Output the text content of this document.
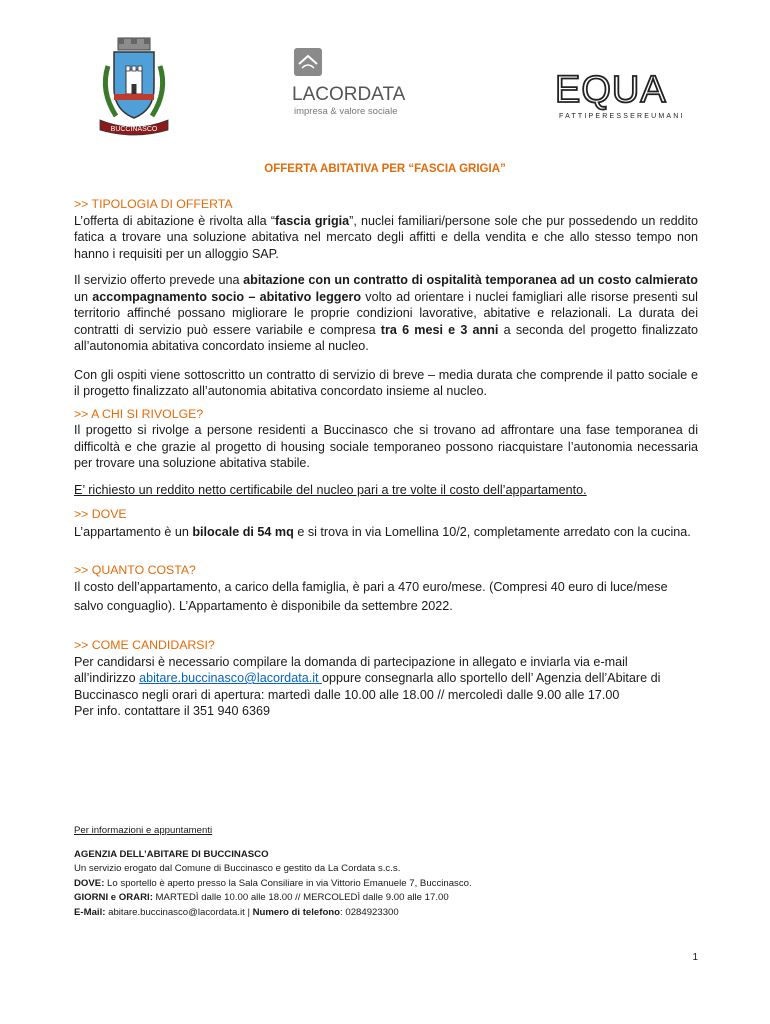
BUCCINASCO
LACORDATA
impresa & valore sociale
EQUA
FATTIPERESSEREUMANI
OFFERTA ABITATIVA PER “FASCIA GRIGIA”
>> TIPOLOGIA DI OFFERTA

L’offerta di abitazione è rivolta alla “fascia grigia”, nuclei familiari/persone sole che pur possedendo un reddito fatica a trovare una soluzione abitativa nel mercato degli affitti e della vendita e che allo stesso tempo non hanno i requisiti per un alloggio SAP.

Il servizio offerto prevede una abitazione con un contratto di ospitalità temporanea ad un costo calmierato un accompagnamento socio – abitativo leggero volto ad orientare i nuclei famigliari alle risorse presenti sul territorio affinché possano migliorare le proprie condizioni lavorative, abitative e relazionali. La durata dei contratti di servizio può essere variabile e compresa tra 6 mesi e 3 anni a seconda del progetto finalizzato all’autonomia abitativa concordato insieme al nucleo.

Con gli ospiti viene sottoscritto un contratto di servizio di breve – media durata che comprende il patto sociale e il progetto finalizzato all’autonomia abitativa concordato insieme al nucleo.

>> A CHI SI RIVOLGE?

Il progetto si rivolge a persone residenti a Buccinasco che si trovano ad affrontare una fase temporanea di difficoltà e che grazie al progetto di housing sociale temporaneo possono riacquistare l’autonomia necessaria per trovare una soluzione abitativa stabile.

E’ richiesto un reddito netto certificabile del nucleo pari a tre volte il costo dell’appartamento.

>> DOVE

L’appartamento è un bilocale di 54 mq e si trova in via Lomellina 10/2, completamente arredato con la cucina.

>> QUANTO COSTA?

Il costo dell’appartamento, a carico della famiglia, è pari a 470 euro/mese. (Compresi 40 euro di luce/mese salvo conguaglio). L’Appartamento è disponibile da settembre 2022.

>> COME CANDIDARSI?

Per candidarsi è necessario compilare la domanda di partecipazione in allegato e inviarla via e-mail

all’indirizzo abitare.buccinasco@lacordata.it oppure consegnarla allo sportello dell’ Agenzia dell’Abitare di

Buccinasco negli orari di apertura: martedì dalle 10.00 alle 18.00 // mercoledì dalle 9.00 alle 17.00

Per info. contattare il 351 940 6369

Per informazioni e appuntamenti
AGENZIA DELL’ABITARE DI BUCCINASCO
Un servizio erogato dal Comune di Buccinasco e gestito da La Cordata s.c.s.
DOVE: Lo sportello è aperto presso la Sala Consiliare in via Vittorio Emanuele 7, Buccinasco.
GIORNI e ORARI: MARTEDÌ dalle 10.00 alle 18.00 // MERCOLEDÌ dalle 9.00 alle 17.00
E-Mail: abitare.buccinasco@lacordata.it | Numero di telefono: 0284923300
1
